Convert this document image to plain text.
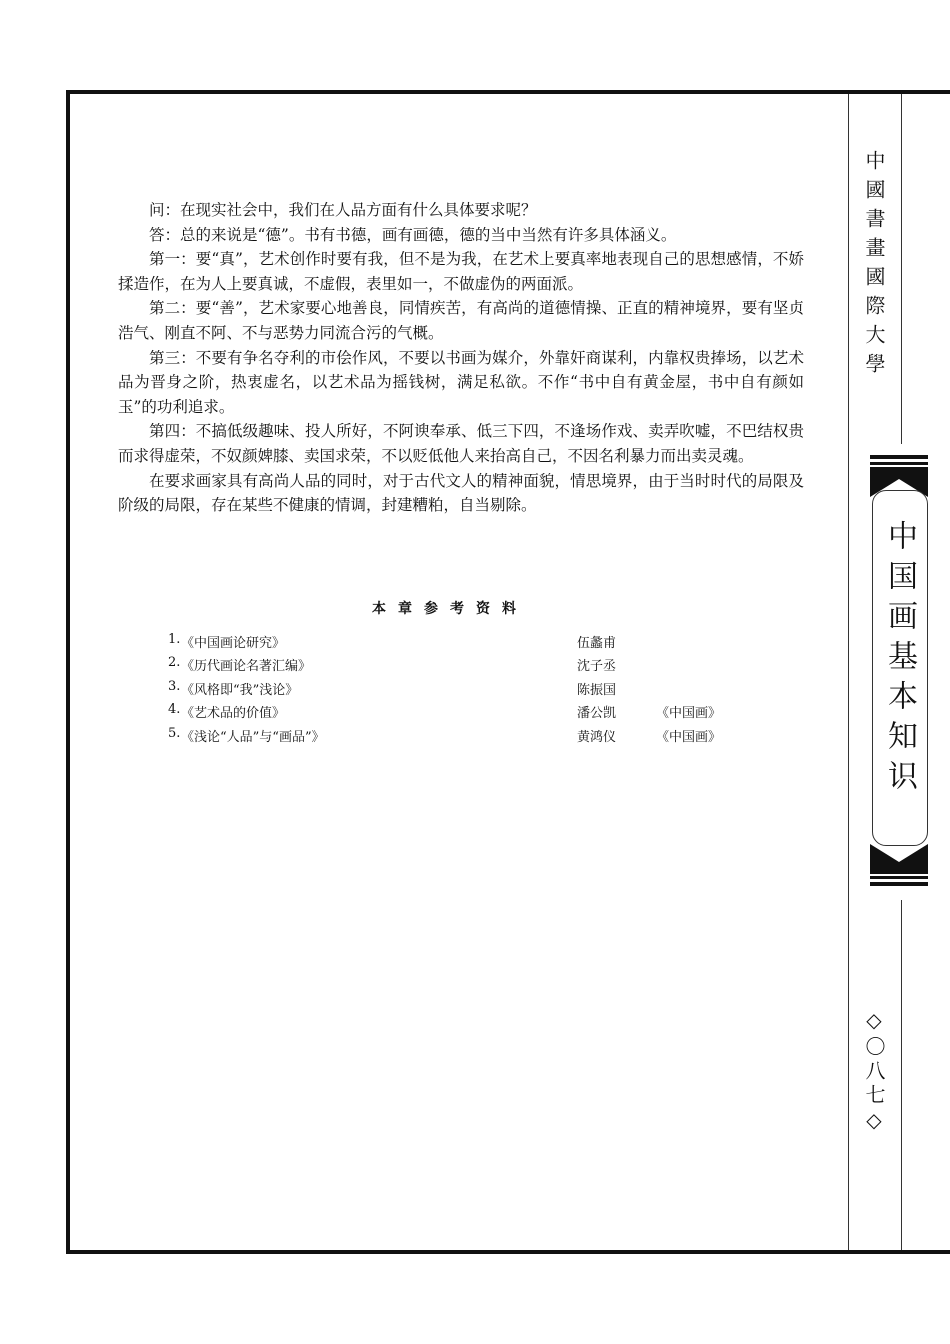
问：在现实社会中，我们在人品方面有什么具体要求呢？

答：总的来说是“德”。书有书德，画有画德，德的当中当然有许多具体涵义。

第一：要“真”，艺术创作时要有我，但不是为我，在艺术上要真率地表现自己的思想感情，不娇揉造作，在为人上要真诚，不虚假，表里如一，不做虚伪的两面派。

第二：要“善”，艺术家要心地善良，同情疾苦，有高尚的道德情操、正直的精神境界，要有坚贞浩气、刚直不阿、不与恶势力同流合污的气概。

第三：不要有争名夺利的市侩作风，不要以书画为媒介，外靠奸商谋利，内靠权贵捧场，以艺术品为晋身之阶，热衷虚名，以艺术品为摇钱树，满足私欲。不作“书中自有黄金屋，书中自有颜如玉”的功利追求。

第四：不搞低级趣味、投人所好，不阿谀奉承、低三下四，不逢场作戏、卖弄吹嘘，不巴结权贵而求得虚荣，不奴颜婢膝、卖国求荣，不以贬低他人来抬高自己，不因名利暴力而出卖灵魂。

在要求画家具有高尚人品的同时，对于古代文人的精神面貌，情思境界，由于当时时代的局限及阶级的局限，存在某些不健康的情调，封建糟粕，自当剔除。

本章参考资料
1. 《中国画论研究》	伍蠡甫
2. 《历代画论名著汇编》	沈子丞
3. 《风格即“我”浅论》	陈振国
4. 《艺术品的价值》	潘公凯	《中国画》
5. 《浅论“人品”与“画品”》	黄鸿仪	《中国画》
中國書畫國際大學
中国画基本知识
◇〇八七◇
